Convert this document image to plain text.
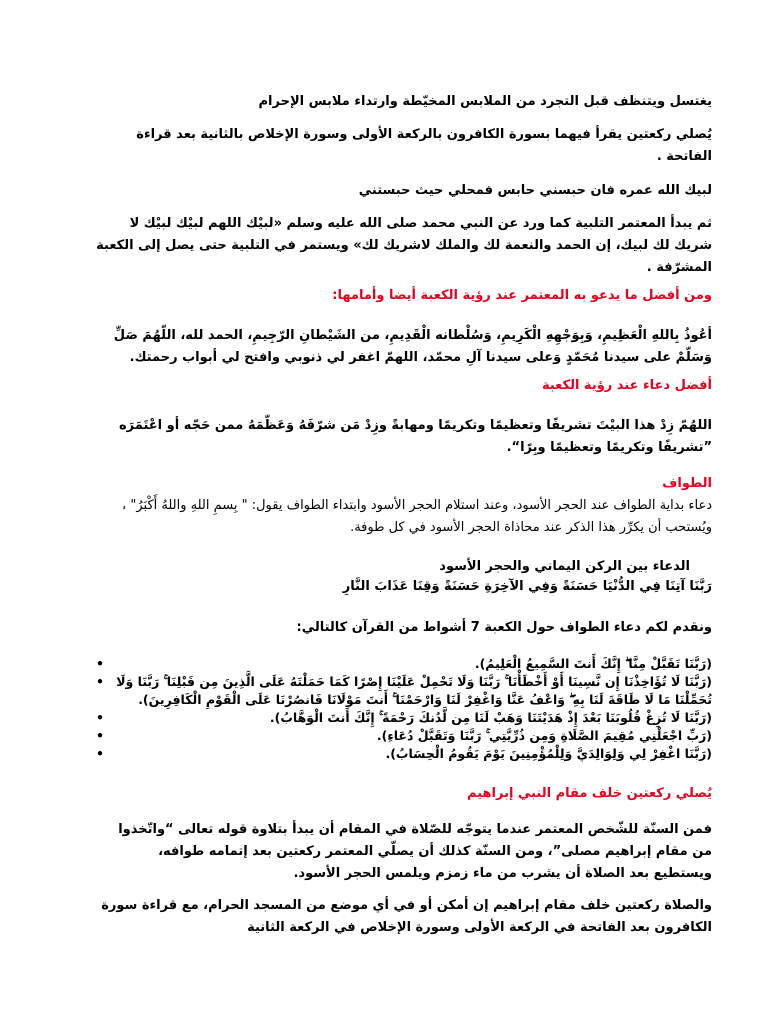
يغتسل ويتنظف قبل التجرد من الملابس المخيّطة وارتداء ملابس الإحرام

يُصلي ركعتين يقرأ فيهما بسورة الكافرون بالركعة الأولى وسورة الإخلاص بالثانية بعد قراءة الفاتحة .

لبيك الله عمره فان حبسني حابس فمحلي حيث حبستني

ثم يبدأ المعتمر التلبية كما ورد عن النبي محمد صلى الله عليه وسلم «لبيْك اللهم لبيْك لبيْك لا شريك لك لبيك، إن الحمد والنعمة لك والملك لاشريك لك» ويستمر في التلبية حتى يصل إلى الكعبة المشرّفة .

ومن أفضل ما يدعو به المعتمر عند رؤية الكعبة أيضا وأمامها:

أعُوذُ بِاللهِ الْعَظِيمِ، وَبِوَجْهِهِ الْكَرِيمِ، وَسُلْطانه الْقَدِيمِ، من الشَيْطانِ الرّجِيمِ، الحمد لله، اللّهُمَ صَلِّ وَسَلّمْ على سيدنا مُحَمّدٍ وَعلى سيدنا آلِ محمّد، اللهمّ اغفر لي ذنوبي وافتح لي أبواب رحمتك.

أفضل دعاء عند رؤية الكعبة

اللهُمّ زِدْ هذا البيْتَ تشريفًا وتعظيمًا وتكريمًا ومهابةً وزِدْ مَن شرّفَهُ وَعَظّمَهُ ممن حَجّه أو اعْتَمَرَه ”تشريفًا وتكريمًا وتعظيمًا وبِرًا“.

الطواف

دعاء بداية الطواف عند الحجر الأسود، وعند استلام الحجر الأسود وابتداء الطواف يقول: " بِسمِ اللهِ واللهُ أَكْبَرُ" ، ويُستحب أن يكرِّر هذا الذكر عند محاذاة الحجر الأسود في كل طوفة.

الدعاء بين الركن اليماني والحجر الأسود

رَبَّنَا آتِنَا فِي الدُّنْيَا حَسَنَةً وَفِي الآخِرَةِ حَسَنَةً وَقِنَا عَذَابَ النَّارِ

ونقدم لكم دعاء الطواف حول الكعبة 7 أشواط من القرآن كالتالي:

•	(رَبَّنَا تَقَبَّلْ مِنَّا ۖ إِنَّكَ أَنتَ السَّمِيعُ الْعَلِيمُ).
• (رَبَّنَا لَا تُؤَاخِذْنَا إِن نَّسِينَا أَوْ أَخْطَأْنَا ۚ رَبَّنَا وَلَا تَحْمِلْ عَلَيْنَا إِصْرًا كَمَا حَمَلْتَهُ عَلَى الَّذِينَ مِن قَبْلِنَا ۚ رَبَّنَا وَلَا تُحَمِّلْنَا مَا لَا طَاقَةَ لَنَا بِهِ ۖ وَاعْفُ عَنَّا وَاغْفِرْ لَنَا وَارْحَمْنَا ۚ أَنتَ مَوْلَانَا فَانصُرْنَا عَلَى الْقَوْمِ الْكَافِرِينَ).
•	(رَبَّنَا لَا تُزِغْ قُلُوبَنَا بَعْدَ إِذْ هَدَيْتَنَا وَهَبْ لَنَا مِن لَّدُنكَ رَحْمَةً ۚ إِنَّكَ أَنتَ الْوَهَّابُ).
•	(رَبِّ اجْعَلْنِي مُقِيمَ الصَّلَاةِ وَمِن ذُرِّيَّتِي ۚ رَبَّنَا وَتَقَبَّلْ دُعَاءِ).
•	(رَبَّنَا اغْفِرْ لِي وَلِوَالِدَيَّ وَلِلْمُؤْمِنِينَ يَوْمَ يَقُومُ الْحِسَابُ).

يُصلي ركعتين خلف مقام النبي إبراهيم

فمن السنّة للشّخص المعتمر عندما يتوجّه للصّلاة في المقام أن يبدأ بتلاوة قوله تعالى “واتّخذوا من مقام إبراهيم مصلى”، ومن السنّة كذلك أن يصلّي المعتمر ركعتين بعد إتمامه طوافه، ويستطيع بعد الصلاة أن يشرب من ماء زمزم ويلمس الحجر الأسود.

والصلاة ركعتين خلف مقام إبراهيم إن أمكن أو في أي موضع من المسجد الحرام، مع قراءة سورة الكافرون بعد الفاتحة في الركعة الأولى وسورة الإخلاص في الركعة الثانية
